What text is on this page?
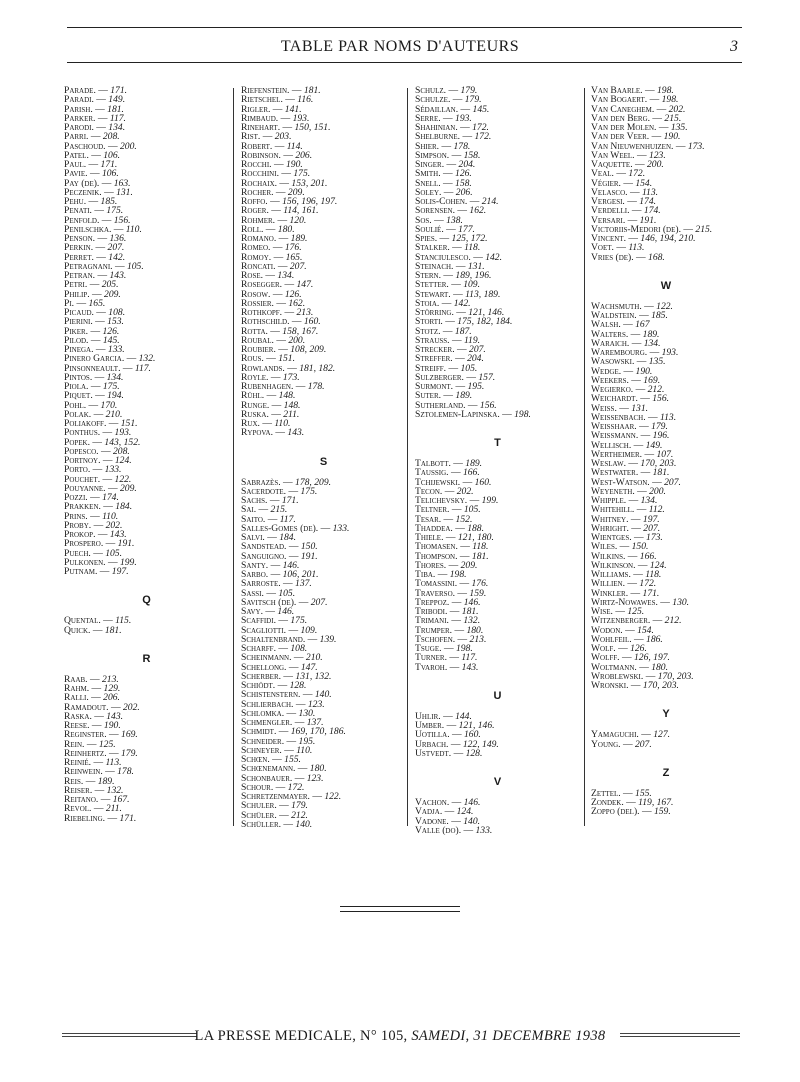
TABLE PAR NOMS D'AUTEURS	3
Parade. — 171.
Paradi. — 149.
Parish. — 181.
Parker. — 117.
Parodi. — 134.
Parri. — 208.
Paschoud. — 200.
Patel. — 106.
Paul. — 171.
Pavie. — 106.
Pay (de). — 163.
Peczenik. — 131.
Pehu. — 185.
Penati. — 175.
Penfold. — 156.
Penilschka. — 110.
Penson. — 136.
Perkin. — 207.
Perret. — 142.
Petragnani. — 105.
Petran. — 143.
Petri. — 205.
Philip. — 209.
Pi. — 165.
Picaud. — 108.
Pierini. — 153.
Piker. — 126.
Pilod. — 145.
Pinega. — 133.
Pinero Garcia. — 132.
Pinsonneault. — 117.
Pintos. — 134.
Piola. — 175.
Piquet. — 194.
Pohl. — 170.
Polak. — 210.
Poliakoff. — 151.
Ponthus. — 193.
Popek. — 143, 152.
Popesco. — 208.
Portnoy. — 124.
Porto. — 133.
Pouchet. — 122.
Pouyanne. — 209.
Pozzi. — 174.
Prakken. — 184.
Prins. — 110.
Proby. — 202.
Prokop. — 143.
Prospero. — 191.
Puech. — 105.
Pulkonen. — 199.
Putnam. — 197.
Q
Quental. — 115.
Quick. — 181.
R
Raab. — 213.
Rahm. — 129.
Ralli. — 206.
Ramadout. — 202.
Raska. — 143.
Reese. — 190.
Reginster. — 169.
Rein. — 125.
Reinhertz. — 179.
Reinié. — 113.
Reinwein. — 178.
Reis. — 189.
Reiser. — 132.
Reitano. — 167.
Revol. — 211.
Riebeling. — 171.
Riefenstein. — 181.
Rietschel. — 116.
Rigler. — 141.
Rimbaud. — 193.
Rinehart. — 150, 151.
Rist. — 203.
Robert. — 114.
Robinson. — 206.
Rocchi. — 190.
Rocchini. — 175.
Rochaix. — 153, 201.
Rocher. — 209.
Roffo. — 156, 196, 197.
Roger. — 114, 161.
Rohmer. — 120.
Roll. — 180.
Romano. — 189.
Romeo. — 176.
Romoy. — 165.
Roncati. — 207.
Rose. — 134.
Rosegger. — 147.
Rosow. — 126.
Rossier. — 162.
Rothkopf. — 213.
Rothschild. — 160.
Rotta. — 158, 167.
Roubal. — 200.
Roubier. — 108, 209.
Rous. — 151.
Rowlands. — 181, 182.
Royle. — 173.
Rubenhagen. — 178.
Rühl. — 148.
Runge. — 148.
Ruska. — 211.
Rux. — 110.
Rypova. — 143.
S
Sabrazès. — 178, 209.
Sacerdote. — 175.
Sachs. — 171.
Sai. — 215.
Saito. — 117.
Salles-Gomes (de). — 133.
Salvi. — 184.
Sandstead. — 150.
Sanguigno. — 191.
Santy. — 146.
Sarbo. — 106, 201.
Sarroste. — 137.
Sassi. — 105.
Savitsch (de). — 207.
Savy. — 146.
Scaffidi. — 175.
Scagliotti. — 109.
Schaltenbrand. — 139.
Scharff. — 108.
Scheinmann. — 210.
Schellong. — 147.
Scherber. — 131, 132.
Schiödt. — 128.
Schistenstern. — 140.
Schlierbach. — 123.
Schlomka. — 130.
Schmengler. — 137.
Schmidt. — 169, 170, 186.
Schneider. — 195.
Schneyer. — 110.
Schœn. — 155.
Schœnemann. — 180.
Schonbauer. — 123.
Schour. — 172.
Schretzenmayer. — 122.
Schuler. — 179.
Schüler. — 212.
Schüller. — 140.
Schulz. — 179.
Schulze. — 179.
Sédaillan. — 145.
Serre. — 193.
Shahinian. — 172.
Shelburne. — 172.
Shier. — 178.
Simpson. — 158.
Singer. — 204.
Smith. — 126.
Snell. — 158.
Soley. — 206.
Solis-Cohen. — 214.
Sorensen. — 162.
Sos. — 138.
Soulié. — 177.
Spies. — 125, 172.
Stalker. — 118.
Stanciulesco. — 142.
Steinach. — 131.
Stern. — 189, 196.
Stetter. — 109.
Stewart. — 113, 189.
Stoia. — 142.
Störring. — 121, 146.
Storti. — 175, 182, 184.
Stotz. — 187.
Strauss. — 119.
Strecker. — 207.
Streffer. — 204.
Streiff. — 105.
Sulzberger. — 157.
Surmont. — 195.
Suter. — 189.
Sutherland. — 156.
Sztolemen-Lapinska. — 198.
T
Talbott. — 189.
Taussig. — 166.
Tchijewski. — 160.
Tecon. — 202.
Telichevsky. — 199.
Teltner. — 105.
Tesar. — 152.
Thaddea. — 188.
Thiele. — 121, 180.
Thomasen. — 118.
Thompson. — 181.
Thores. — 209.
Tiba. — 198.
Tomassini. — 176.
Traverso. — 159.
Treppoz. — 146.
Tribodi. — 181.
Trimani. — 132.
Trumper. — 180.
Tschofen. — 213.
Tsuge. — 198.
Turner. — 117.
Tvaroh. — 143.
U
Uhlir. — 144.
Umber. — 121, 146.
Uotilla. — 160.
Urbach. — 122, 149.
Ustvedt. — 128.
V
Vachon. — 146.
Vadja. — 124.
Vadone. — 140.
Valle (do). — 133.
Van Baarle. — 198.
Van Bogaert. — 198.
Van Caneghem. — 202.
Van den Berg. — 215.
Van der Molen. — 135.
Van der Veer. — 190.
Van Nieuwenhuizen. — 173.
Van Weel. — 123.
Vaquette. — 200.
Veal. — 172.
Végier. — 154.
Velasco. — 113.
Vergesi. — 174.
Verdelli. — 174.
Versari. — 191.
Victoriis-Medori (de). — 215.
Vincent. — 146, 194, 210.
Voet. — 113.
Vries (de). — 168.
W
Wachsmuth. — 122.
Waldstein. — 185.
Walsh. — 167
Walters. — 189.
Waraich. — 134.
Warembourg. — 193.
Wasowski. — 135.
Wedge. — 190.
Weekers. — 169.
Wegierko. — 212.
Weichardt. — 156.
Weiss. — 131.
Weissenbach. — 113.
Weisshaar. — 179.
Weissmann. — 196.
Wellisch. — 149.
Wertheimer. — 107.
Weslaw. — 170, 203.
Westwater. — 181.
West-Watson. — 207.
Weyeneth. — 200.
Whipple. — 134.
Whitehill. — 112.
Whitney. — 197.
Whright. — 207.
Wientges. — 173.
Wiles. — 150.
Wilkins. — 166.
Wilkinson. — 124.
Williams. — 118.
Willien. — 172.
Winkler. — 171.
Wirtz-Nowawes. — 130.
Wise. — 125.
Witzenberger. — 212.
Wodon. — 154.
Wohlfeil. — 186.
Wolf. — 126.
Wolff. — 126, 197.
Woltmann. — 180.
Wroblewski. — 170, 203.
Wronski. — 170, 203.
Y
Yamaguchi. — 127.
Young. — 207.
Z
Zettel. — 155.
Zondek. — 119, 167.
Zoppo (del). — 159.
LA PRESSE MEDICALE, N° 105, SAMEDI, 31 DECEMBRE 1938
